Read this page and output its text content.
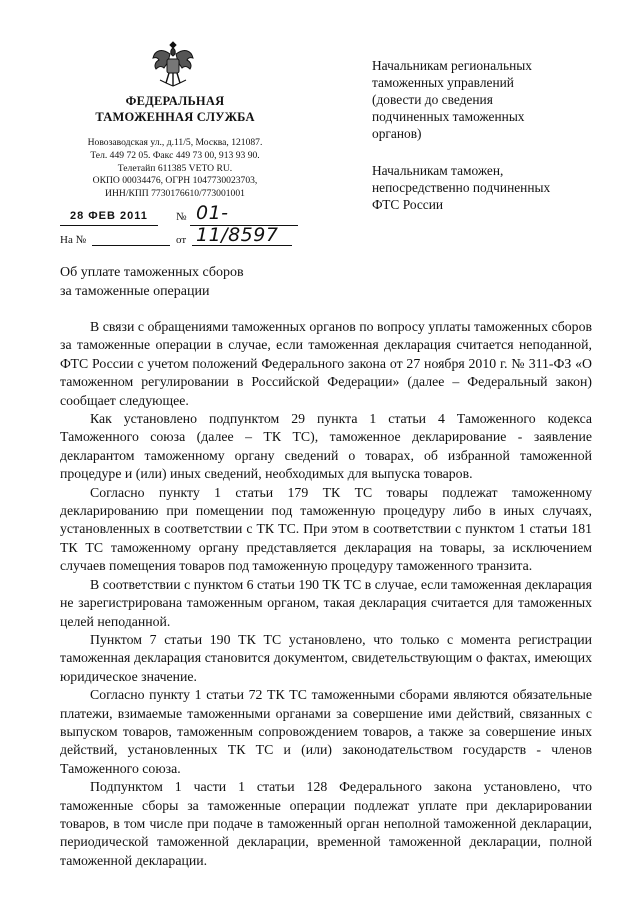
ФЕДЕРАЛЬНАЯ
ТАМОЖЕННАЯ СЛУЖБА
Новозаводская ул., д.11/5, Москва, 121087.
Тел. 449 72 05. Факс 449 73 00, 913 93 90.
Телетайп 611385 VETO RU.
ОКПО 00034476, ОГРН 1047730023703,
ИНН/КПП 7730176610/773001001
28 ФЕВ 2011	№ 01-11/8597
На №	от
Начальникам региональных
таможенных управлений
(довести до сведения
подчиненных таможенных
органов)
Начальникам таможен,
непосредственно подчиненных
ФТС России
Об уплате таможенных сборов
за таможенные операции

В связи с обращениями таможенных органов по вопросу уплаты таможенных сборов за таможенные операции в случае, если таможенная декларация считается неподанной, ФТС России с учетом положений Федерального закона от 27 ноября 2010 г. № 311-ФЗ «О таможенном регулировании в Российской Федерации» (далее – Федеральный закон) сообщает следующее.

Как установлено подпунктом 29 пункта 1 статьи 4 Таможенного кодекса Таможенного союза (далее – ТК ТС), таможенное декларирование - заявление декларантом таможенному органу сведений о товарах, об избранной таможенной процедуре и (или) иных сведений, необходимых для выпуска товаров.

Согласно пункту 1 статьи 179 ТК ТС товары подлежат таможенному декларированию при помещении под таможенную процедуру либо в иных случаях, установленных в соответствии с ТК ТС. При этом в соответствии с пунктом 1 статьи 181 ТК ТС таможенному органу представляется декларация на товары, за исключением случаев помещения товаров под таможенную процедуру таможенного транзита.

В соответствии с пунктом 6 статьи 190 ТК ТС в случае, если таможенная декларация не зарегистрирована таможенным органом, такая декларация считается для таможенных целей неподанной.

Пунктом 7 статьи 190 ТК ТС установлено, что только с момента регистрации таможенная декларация становится документом, свидетельствующим о фактах, имеющих юридическое значение.

Согласно пункту 1 статьи 72 ТК ТС таможенными сборами являются обязательные платежи, взимаемые таможенными органами за совершение ими действий, связанных с выпуском товаров, таможенным сопровождением товаров, а также за совершение иных действий, установленных ТК ТС и (или) законодательством государств - членов Таможенного союза.

Подпунктом 1 части 1 статьи 128 Федерального закона установлено, что таможенные сборы за таможенные операции подлежат уплате при декларировании товаров, в том числе при подаче в таможенный орган неполной таможенной декларации, периодической таможенной декларации, временной таможенной декларации, полной таможенной декларации.
